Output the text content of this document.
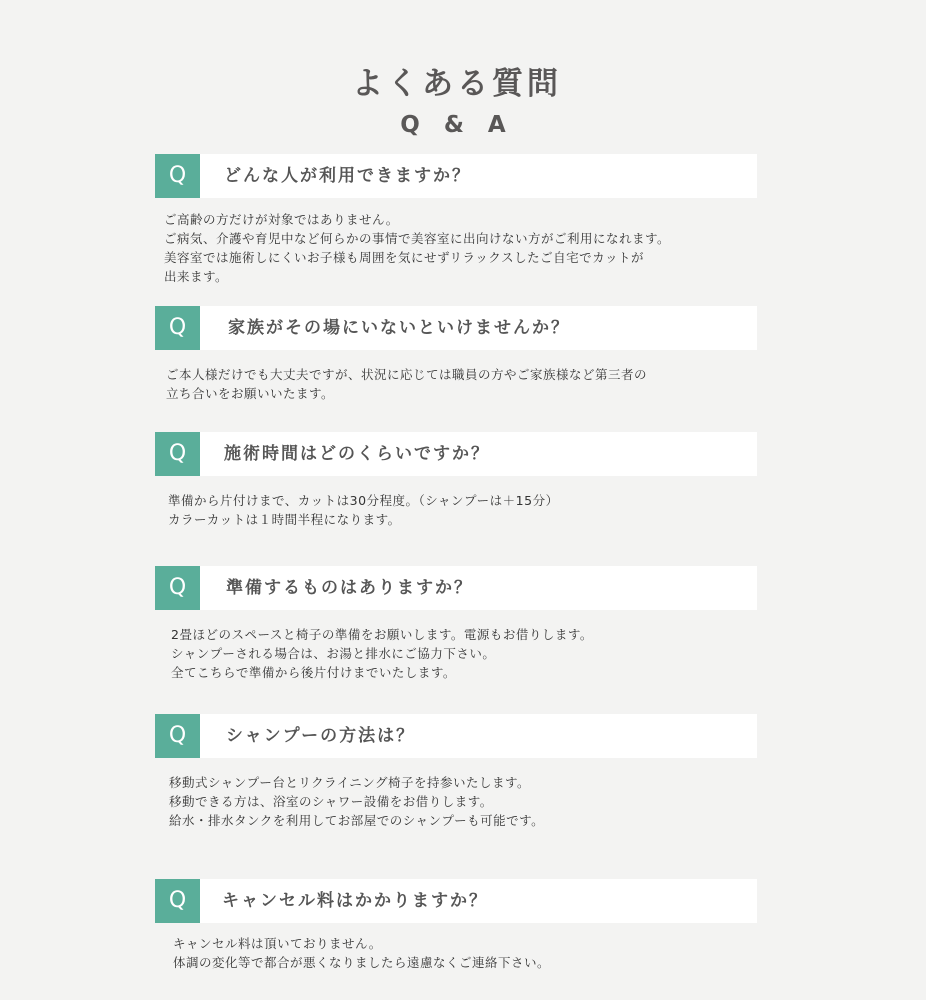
よくある質問
Q & A
Q	どんな人が利用できますか？
ご高齢の方だけが対象ではありません。
ご病気、介護や育児中など何らかの事情で美容室に出向けない方がご利用になれます。
美容室では施術しにくいお子様も周囲を気にせずリラックスしたご自宅でカットが
出来ます。
Q	家族がその場にいないといけませんか？
ご本人様だけでも大丈夫ですが、状況に応じては職員の方やご家族様など第三者の
立ち合いをお願いいたます。
Q	施術時間はどのくらいですか？
準備から片付けまで、カットは30分程度。（シャンプーは＋15分）
カラーカットは１時間半程になります。
Q	準備するものはありますか？
2畳ほどのスペースと椅子の準備をお願いします。電源もお借りします。
シャンプーされる場合は、お湯と排水にご協力下さい。
全てこちらで準備から後片付けまでいたします。
Q	シャンプーの方法は？
移動式シャンプー台とリクライニング椅子を持参いたします。
移動できる方は、浴室のシャワー設備をお借りします。
給水・排水タンクを利用してお部屋でのシャンプーも可能です。
Q	キャンセル料はかかりますか？
キャンセル料は頂いておりません。
体調の変化等で都合が悪くなりましたら遠慮なくご連絡下さい。
